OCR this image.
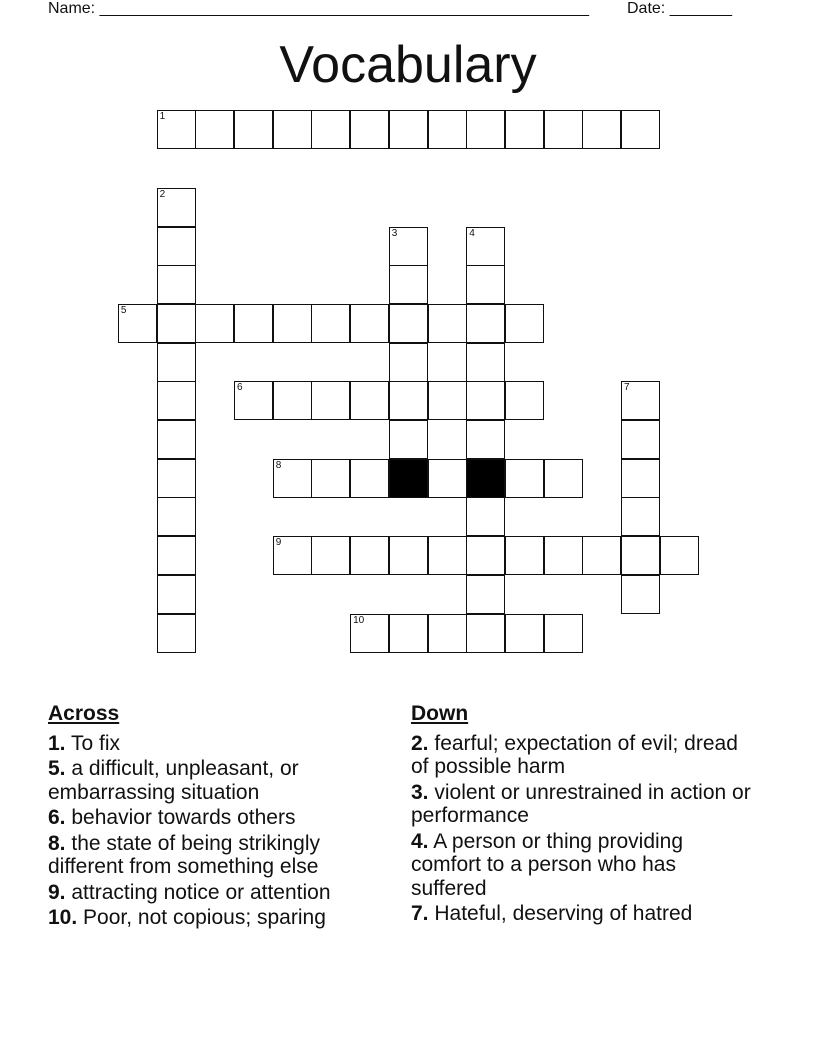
Name: _______________________________________________________ Date: _______
Vocabulary
1
5
6
8
9
10
2
3	4
7
Across
1. To fix
5. a difficult, unpleasant, or embarrassing situation
6. behavior towards others
8. the state of being strikingly different from something else
9. attracting notice or attention
10. Poor, not copious; sparing
Down
2. fearful; expectation of evil; dread of possible harm
3. violent or unrestrained in action or performance
4. A person or thing providing comfort to a person who has suffered
7. Hateful, deserving of hatred
